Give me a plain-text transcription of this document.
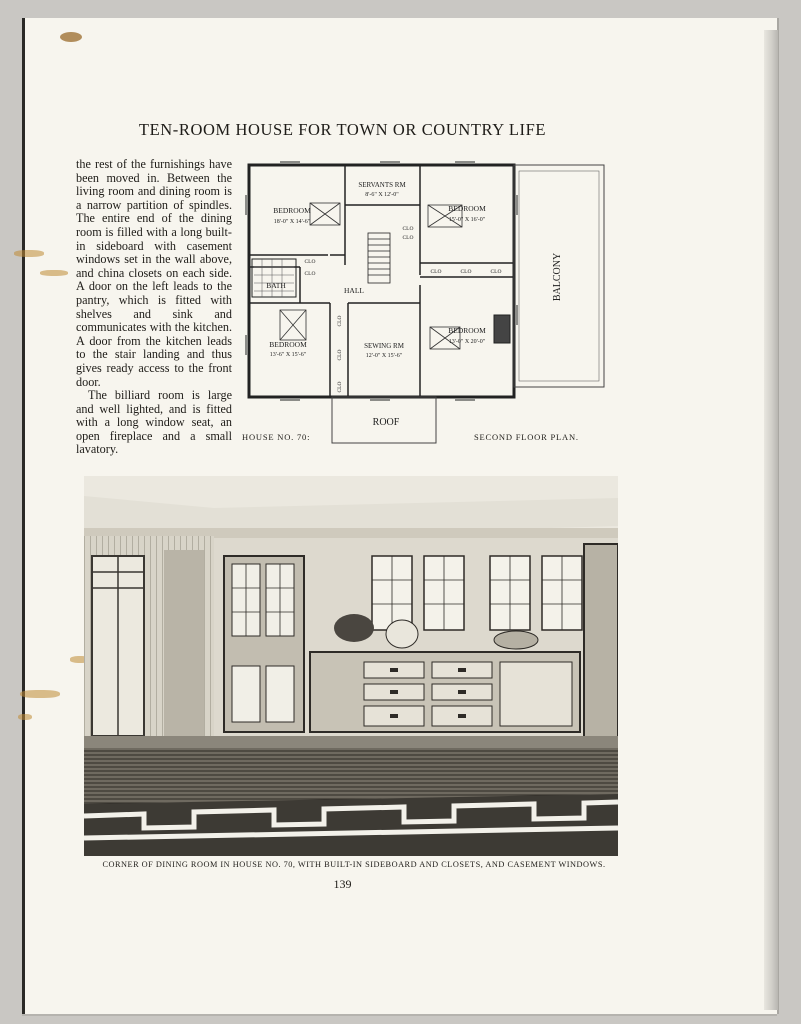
TEN-ROOM HOUSE FOR TOWN OR COUNTRY LIFE

the rest of the furnishings have been moved in. Between the living room and dining room is a narrow partition of spindles. The entire end of the dining room is filled with a long built-in sideboard with casement windows set in the wall above, and china closets on each side. A door on the left leads to the pantry, which is fitted with shelves and sink and communicates with the kitchen. A door from the kitchen leads to the stair landing and thus gives ready access to the front door.

The billiard room is large and well lighted, and is fitted with a long window seat, an open fireplace and a small lavatory.

BEDROOM
18'-0" X 14'-6"
SERVANTS RM
8'-6" X 12'-0"
BEDROOM
15'-0" X 16'-0"
BATH
HALL
BEDROOM
13'-6" X 15'-6"
SEWING RM
12'-0" X 15'-6"
BEDROOM
13'-0" X 20'-0"
ROOF
BALCONY
CLO
CLO
CLO
CLO	CLO	CLO	CLO
CLO
CLO
CLO
HOUSE NO. 70:	SECOND FLOOR PLAN.
CORNER OF DINING ROOM IN HOUSE NO. 70, WITH BUILT-IN SIDEBOARD AND CLOSETS, AND CASEMENT WINDOWS.
139
